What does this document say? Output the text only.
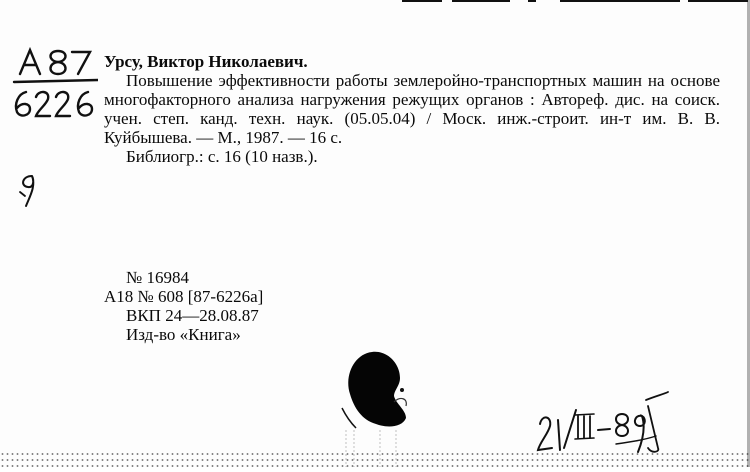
Урсу, Виктор Николаевич.
Повышение эффективности работы землеройно-транспортных машин на основе многофакторного анализа нагружения режущих органов : Автореф. дис. на соиск. учен. степ. канд. техн. наук. (05.05.04) / Моск. инж.-строит. ин-т им. В. В. Куйбышева. — М., 1987. — 16 с.
Библиогр.: с. 16 (10 назв.).
№ 16984
А18 № 608 [87-6226а]
ВКП 24—28.08.87
Изд-во «Книга»
